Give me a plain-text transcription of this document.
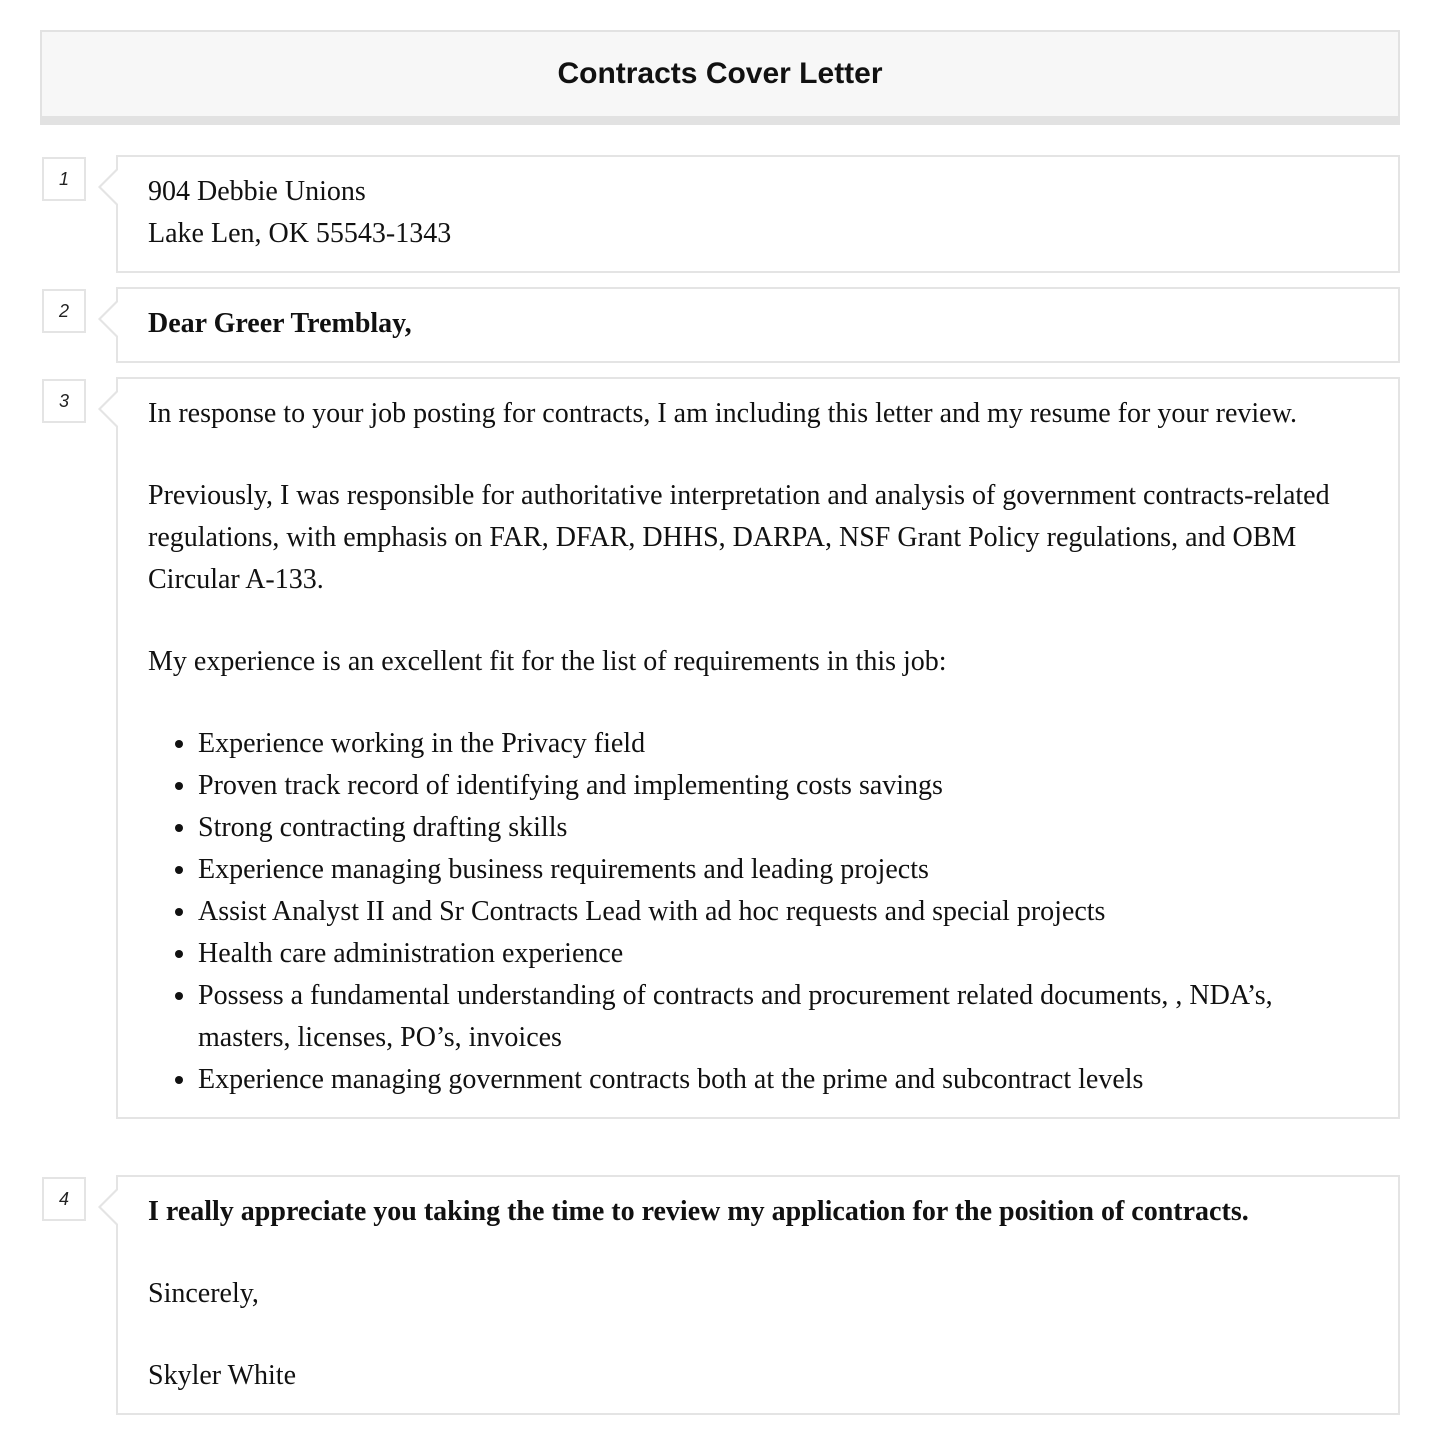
Contracts Cover Letter
1	904 Debbie Unions

Lake Len, OK 55543-1343

2	Dear Greer Tremblay,

3	In response to your job posting for contracts, I am including this letter and my resume for your review.

Previously, I was responsible for authoritative interpretation and analysis of government contracts-related regulations, with emphasis on FAR, DFAR, DHHS, DARPA, NSF Grant Policy regulations, and OBM Circular A-133.

My experience is an excellent fit for the list of requirements in this job:

• Experience working in the Privacy field
• Proven track record of identifying and implementing costs savings
• Strong contracting drafting skills
• Experience managing business requirements and leading projects
• Assist Analyst II and Sr Contracts Lead with ad hoc requests and special projects
• Health care administration experience
• Possess a fundamental understanding of contracts and procurement related documents, , NDA’s, masters, licenses, PO’s, invoices
• Experience managing government contracts both at the prime and subcontract levels
4	I really appreciate you taking the time to review my application for the position of contracts.

Sincerely,

Skyler White
